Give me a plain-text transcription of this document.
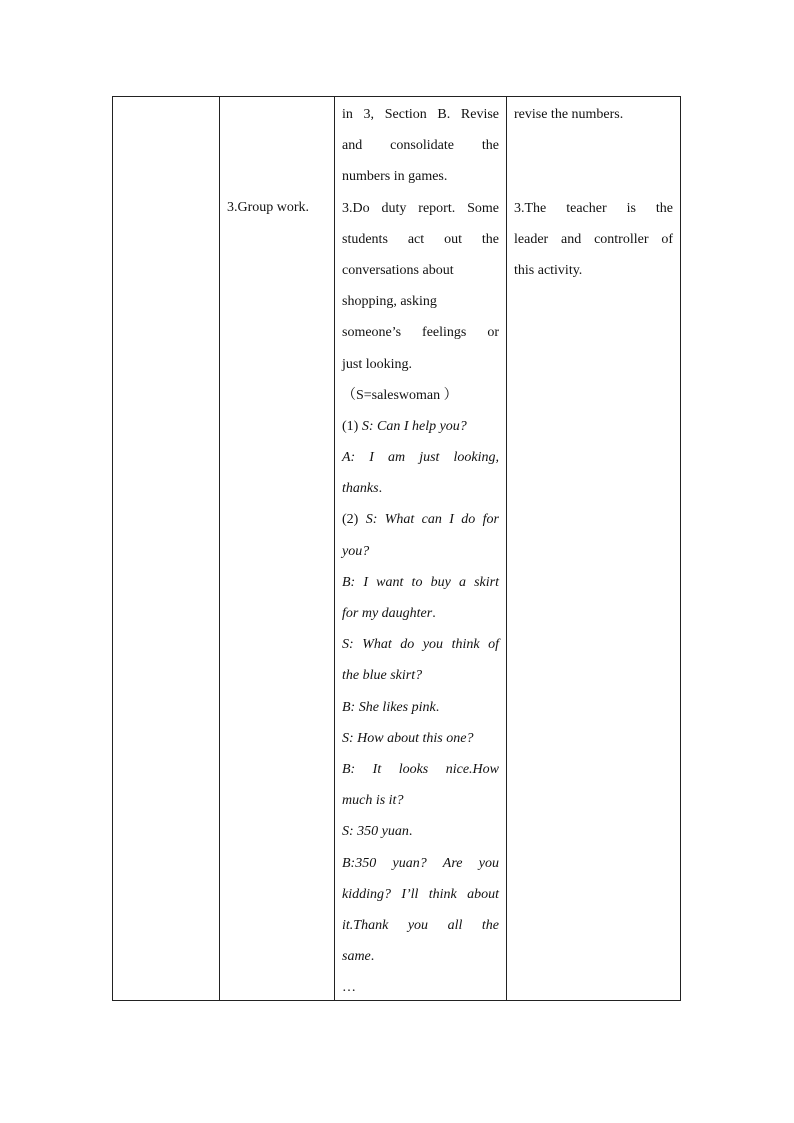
3.Group work.
in 3, Section B. Revise
and consolidate the
numbers in games.
3.Do duty report. Some
students act out the
conversations about
shopping, asking
someone’s feelings or
just looking.
（S=saleswoman ）
(1) S: Can I help you?
A: I am just looking,
thanks.
(2) S: What can I do for
you?
B: I want to buy a skirt
for my daughter.
S: What do you think of
the blue skirt?
B: She likes pink.
S: How about this one?
B: It looks nice.How
much is it?
S: 350 yuan.
B:350 yuan? Are you
kidding? I’ll think about
it.Thank you all the
same.
…
revise the numbers.
3.The teacher is the
leader and controller of
this activity.
